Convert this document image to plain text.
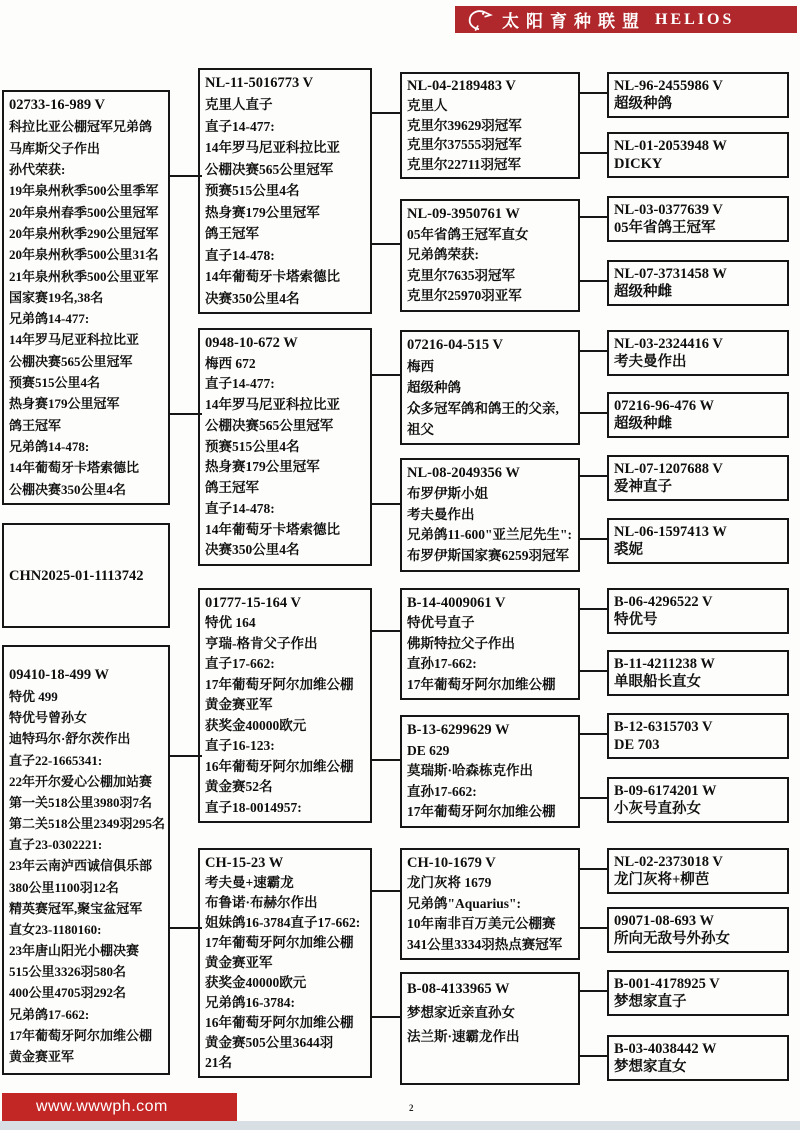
太阳育种联盟 HELIOS
02733-16-989 V
科拉比亚公棚冠军兄弟鸽
马库斯父子作出
孙代荣获:
19年泉州秋季500公里季军
20年泉州春季500公里冠军
20年泉州秋季290公里冠军
20年泉州秋季500公里31名
21年泉州秋季500公里亚军
国家赛19名,38名
兄弟鸽14-477:
14年罗马尼亚科拉比亚
公棚决赛565公里冠军
预赛515公里4名
热身赛179公里冠军
鸽王冠军
兄弟鸽14-478:
14年葡萄牙卡塔索德比
公棚决赛350公里4名
CHN2025-01-1113742
09410-18-499 W
特优 499
特优号曾孙女
迪特玛尔·舒尔茨作出
直子22-1665341:
22年开尔爱心公棚加站赛
第一关518公里3980羽7名
第二关518公里2349羽295名
直子23-0302221:
23年云南泸西诚信俱乐部
380公里1100羽12名
精英赛冠军,聚宝盆冠军
直女23-1180160:
23年唐山阳光小棚决赛
515公里3326羽580名
400公里4705羽292名
兄弟鸽17-662:
17年葡萄牙阿尔加维公棚
黄金赛亚军
NL-11-5016773 V
克里人直子
直子14-477:
14年罗马尼亚科拉比亚
公棚决赛565公里冠军
预赛515公里4名
热身赛179公里冠军
鸽王冠军
直子14-478:
14年葡萄牙卡塔索德比
决赛350公里4名
0948-10-672 W
梅西 672
直子14-477:
14年罗马尼亚科拉比亚
公棚决赛565公里冠军
预赛515公里4名
热身赛179公里冠军
鸽王冠军
直子14-478:
14年葡萄牙卡塔索德比
决赛350公里4名
01777-15-164 V
特优 164
亨瑞-格肯父子作出
直子17-662:
17年葡萄牙阿尔加维公棚
黄金赛亚军
获奖金40000欧元
直子16-123:
16年葡萄牙阿尔加维公棚
黄金赛52名
直子18-0014957:
CH-15-23 W
考夫曼+速霸龙
布鲁诺·布赫尔作出
姐妹鸽16-3784直子17-662:
17年葡萄牙阿尔加维公棚
黄金赛亚军
获奖金40000欧元
兄弟鸽16-3784:
16年葡萄牙阿尔加维公棚
黄金赛505公里3644羽
21名
NL-04-2189483 V
克里人
克里尔39629羽冠军
克里尔37555羽冠军
克里尔22711羽冠军
NL-09-3950761 W
05年省鸽王冠军直女
兄弟鸽荣获:
克里尔7635羽冠军
克里尔25970羽亚军
07216-04-515 V
梅西
超级种鸽
众多冠军鸽和鸽王的父亲,
祖父
NL-08-2049356 W
布罗伊斯小姐
考夫曼作出
兄弟鸽11-600"亚兰尼先生":
布罗伊斯国家赛6259羽冠军
B-14-4009061 V
特优号直子
佛斯特拉父子作出
直孙17-662:
17年葡萄牙阿尔加维公棚
B-13-6299629 W
DE 629
莫瑞斯·哈森栋克作出
直孙17-662:
17年葡萄牙阿尔加维公棚
CH-10-1679 V
龙门灰将 1679
兄弟鸽"Aquarius":
10年南非百万美元公棚赛
341公里3334羽热点赛冠军
B-08-4133965 W
梦想家近亲直孙女
法兰斯·速霸龙作出
NL-96-2455986 V
超级种鸽
NL-01-2053948 W
DICKY
NL-03-0377639 V
05年省鸽王冠军
NL-07-3731458 W
超级种雌
NL-03-2324416 V
考夫曼作出
07216-96-476 W
超级种雌
NL-07-1207688 V
爱神直子
NL-06-1597413 W
裘妮
B-06-4296522 V
特优号
B-11-4211238 W
单眼船长直女
B-12-6315703 V
DE 703
B-09-6174201 W
小灰号直孙女
NL-02-2373018 V
龙门灰将+柳芭
09071-08-693 W
所向无敌号外孙女
B-001-4178925 V
梦想家直子
B-03-4038442 W
梦想家直女
www.wwwph.com	2
